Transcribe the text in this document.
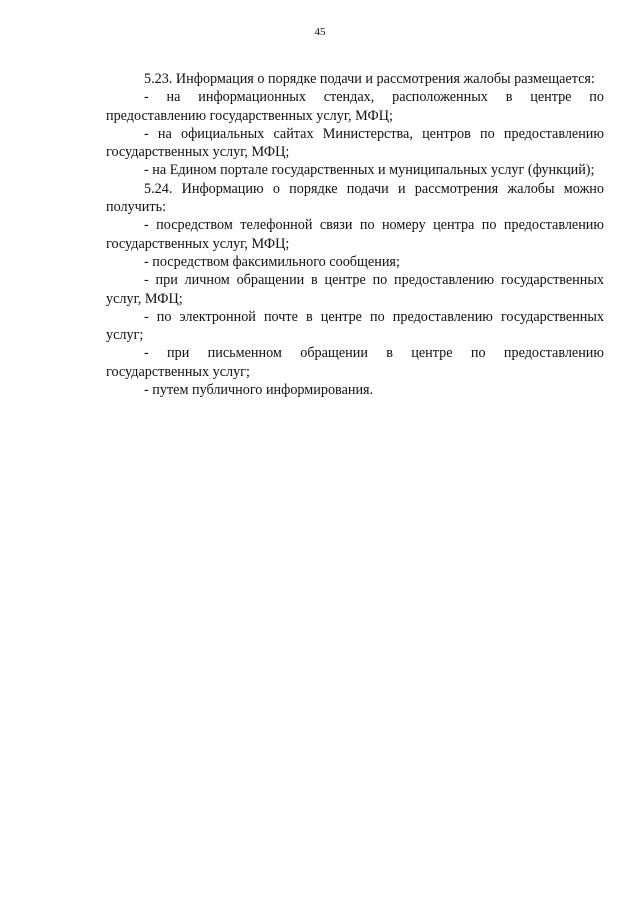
45

5.23. Информация о порядке подачи и рассмотрения жалобы размещается:

- на информационных стендах, расположенных в центре по предоставлению государственных услуг, МФЦ;

- на официальных сайтах Министерства, центров по предоставлению государственных услуг, МФЦ;

- на Едином портале государственных и муниципальных услуг (функций);

5.24. Информацию о порядке подачи и рассмотрения жалобы можно получить:

- посредством телефонной связи по номеру центра по предоставлению государственных услуг, МФЦ;

- посредством факсимильного сообщения;

- при личном обращении в центре по предоставлению государственных услуг, МФЦ;

- по электронной почте в центре по предоставлению государственных услуг;

- при письменном обращении в центре по предоставлению государственных услуг;

- путем публичного информирования.
